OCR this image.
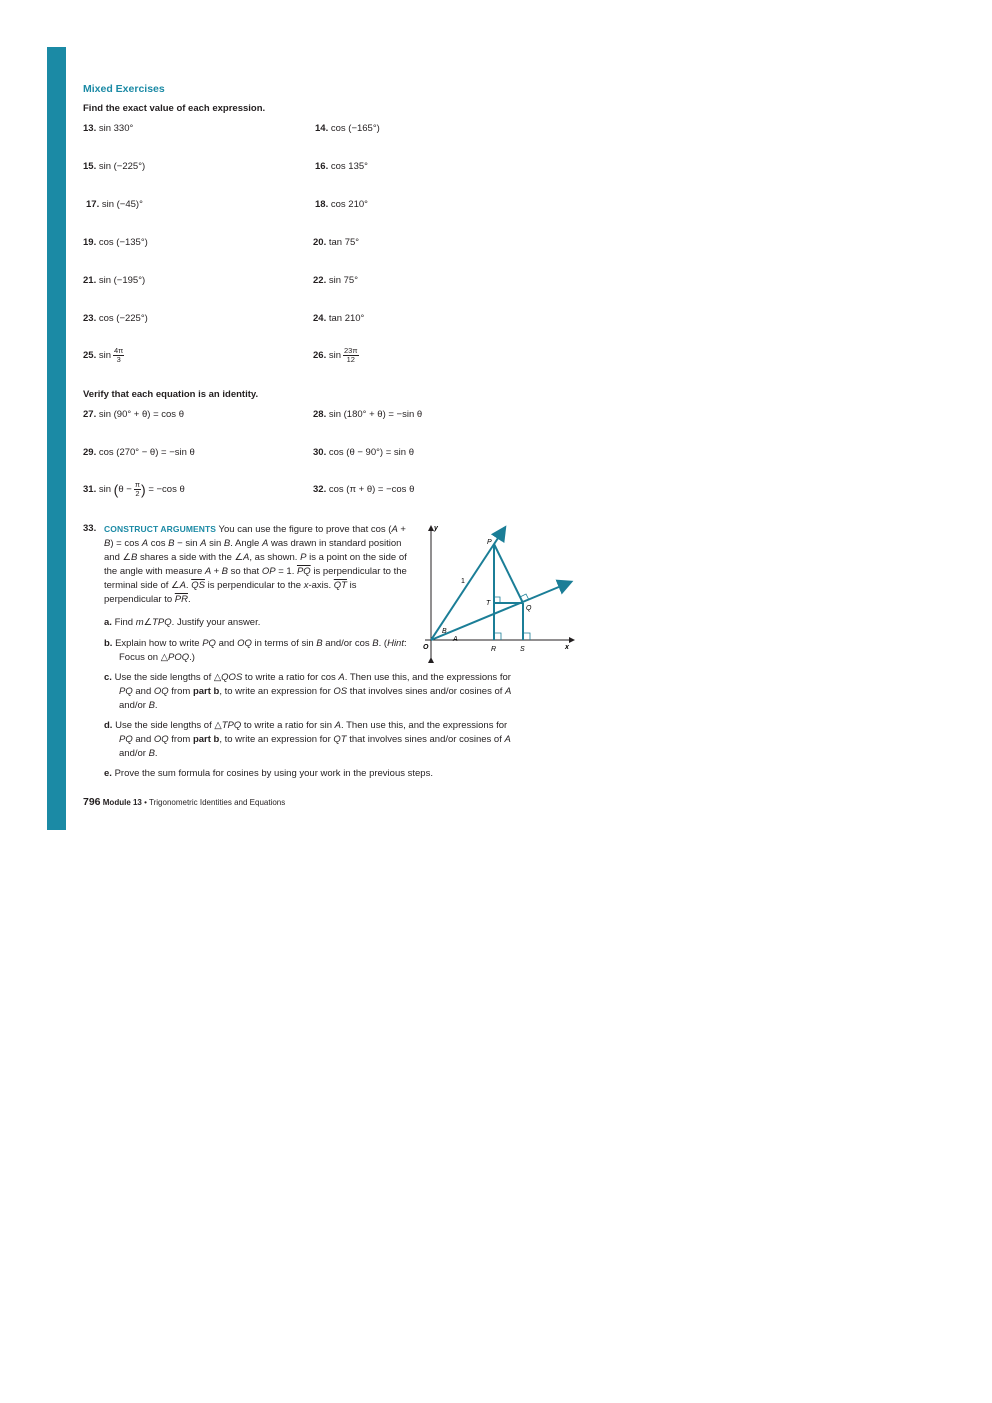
Mixed Exercises
Find the exact value of each expression.
13. sin 330°	14. cos (−165°)
15. sin (−225°)	16. cos 135°
17. sin (−45)°	18. cos 210°
19. cos (−135°)	20. tan 75°
21. sin (−195°)	22. sin 75°
23. cos (−225°)	24. tan 210°
25. $\sin \frac{4\pi}{3}$	26. $\sin \frac{23\pi}{12}$
Verify that each equation is an identity.
27. sin (90° + θ) = cos θ	28. sin (180° + θ) = −sin θ
29. cos (270° − θ) = −sin θ	30. cos (θ − 90°) = sin θ
31. $\sin (\theta - \frac{\pi}{2}$ ) = −cos θ	32. cos (π + θ) = −cos θ
33. CONSTRUCT ARGUMENTS You can use the figure to prove that cos (A + B) = cos A cos B − sin A sin B. Angle A was drawn in standard position and ∠B shares a side with the ∠A, as shown. P is a point on the side of the angle with measure A + B so that OP = 1. $\overline{PQ}$ is perpendicular to the terminal side of ∠A. $\overline{QS}$ is perpendicular to the x-axis. $\overline{QT}$ is perpendicular to $\overline{PR}$.
a. Find m∠TPQ. Justify your answer.
b. Explain how to write PQ and OQ in terms of sin B and/or cos B. (Hint: Focus on △POQ.)
c. Use the side lengths of △QOS to write a ratio for cos A. Then use this, and the expressions for PQ and OQ from part b, to write an expression for OS that involves sines and/or cosines of A and/or B.
d. Use the side lengths of △TPQ to write a ratio for sin A. Then use this, and the expressions for PQ and OQ from part b, to write an expression for QT that involves sines and/or cosines of A and/or B.
e. Prove the sum formula for cosines by using your work in the previous steps.
y
x
O
P
T
Q
R	S
B
A
1
796 Module 13 • Trigonometric Identities and Equations
